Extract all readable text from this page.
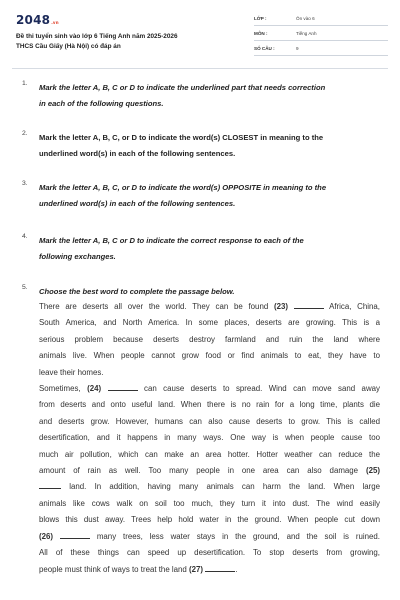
2048.vn
Đề thi tuyển sinh vào lớp 6 Tiếng Anh năm 2025-2026
THCS Cầu Giấy (Hà Nội) có đáp án
LỚP :	Ôn vào 6
MÔN :	Tiếng Anh
SỐ CÂU :	9
1. Mark the letter A, B, C or D to indicate the underlined part that needs correction
in each of the following questions.
2. Mark the letter A, B, C, or D to indicate the word(s) CLOSEST in meaning to the
underlined word(s) in each of the following sentences.
3. Mark the letter A, B, C, or D to indicate the word(s) OPPOSITE in meaning to the
underlined word(s) in each of the following sentences.
4. Mark the letter A, B, C or D to indicate the correct response to each of the
following exchanges.
5. Choose the best word to complete the passage below.
There are deserts all over the world. They can be found (23)	Africa, China,
South America, and North America. In some places, deserts are growing. This is a
serious problem because deserts destroy farmland and ruin the land where
animals live. When people cannot grow food or find animals to eat, they have to
leave their homes.
Sometimes, (24)	can cause deserts to spread. Wind can move sand away
from deserts and onto useful land. When there is no rain for a long time, plants die
and deserts grow. However, humans can also cause deserts to grow. This is called
desertification, and it happens in many ways. One way is when people cause too
much air pollution, which can make an area hotter. Hotter weather can reduce the
amount of rain as well. Too many people in one area can also damage (25)
land. In addition, having many animals can harm the land. When large
animals like cows walk on soil too much, they turn it into dust. The wind easily
blows this dust away. Trees help hold water in the ground. When people cut down
(26)	many trees, less water stays in the ground, and the soil is ruined.
All of these things can speed up desertification. To stop deserts from growing,
people must think of ways to treat the land (27)	.
